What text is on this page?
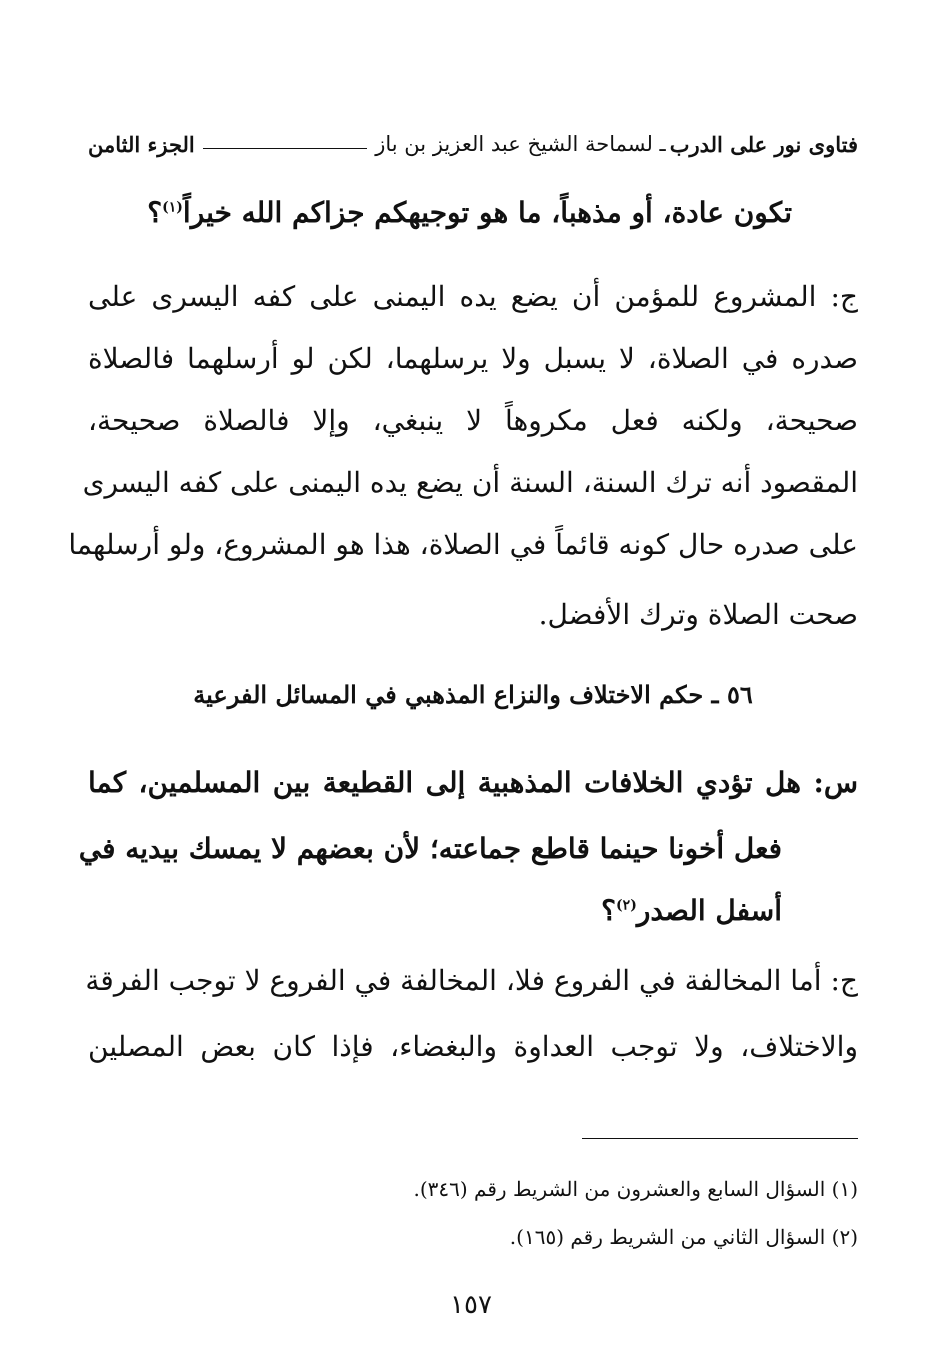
فتاوى نور على الدرب
ـ لسماحة الشيخ عبد العزيز بن باز
الجزء الثامن
تكون عادة، أو مذهباً، ما هو توجيهكم جزاكم الله خيراً$^{(١)}$؟
ج: المشروع للمؤمن أن يضع يده اليمنى على كفه اليسرى على
صدره في الصلاة، لا يسبل ولا يرسلهما، لكن لو أرسلهما فالصلاة
صحيحة، ولكنه فعل مكروهاً لا ينبغي، وإلا فالصلاة صحيحة،
المقصود أنه ترك السنة، السنة أن يضع يده اليمنى على كفه اليسرى
على صدره حال كونه قائماً في الصلاة، هذا هو المشروع، ولو أرسلهما
صحت الصلاة وترك الأفضل.
٥٦ ـ حكم الاختلاف والنزاع المذهبي في المسائل الفرعية
س: هل تؤدي الخلافات المذهبية إلى القطيعة بين المسلمين، كما
فعل أخونا حينما قاطع جماعته؛ لأن بعضهم لا يمسك بيديه في
أسفل الصدر$^{(٢)}$؟
ج: أما المخالفة في الفروع فلا، المخالفة في الفروع لا توجب الفرقة
والاختلاف، ولا توجب العداوة والبغضاء، فإذا كان بعض المصلين
(١) السؤال السابع والعشرون من الشريط رقم (٣٤٦).
(٢) السؤال الثاني من الشريط رقم (١٦٥).
١٥٧
